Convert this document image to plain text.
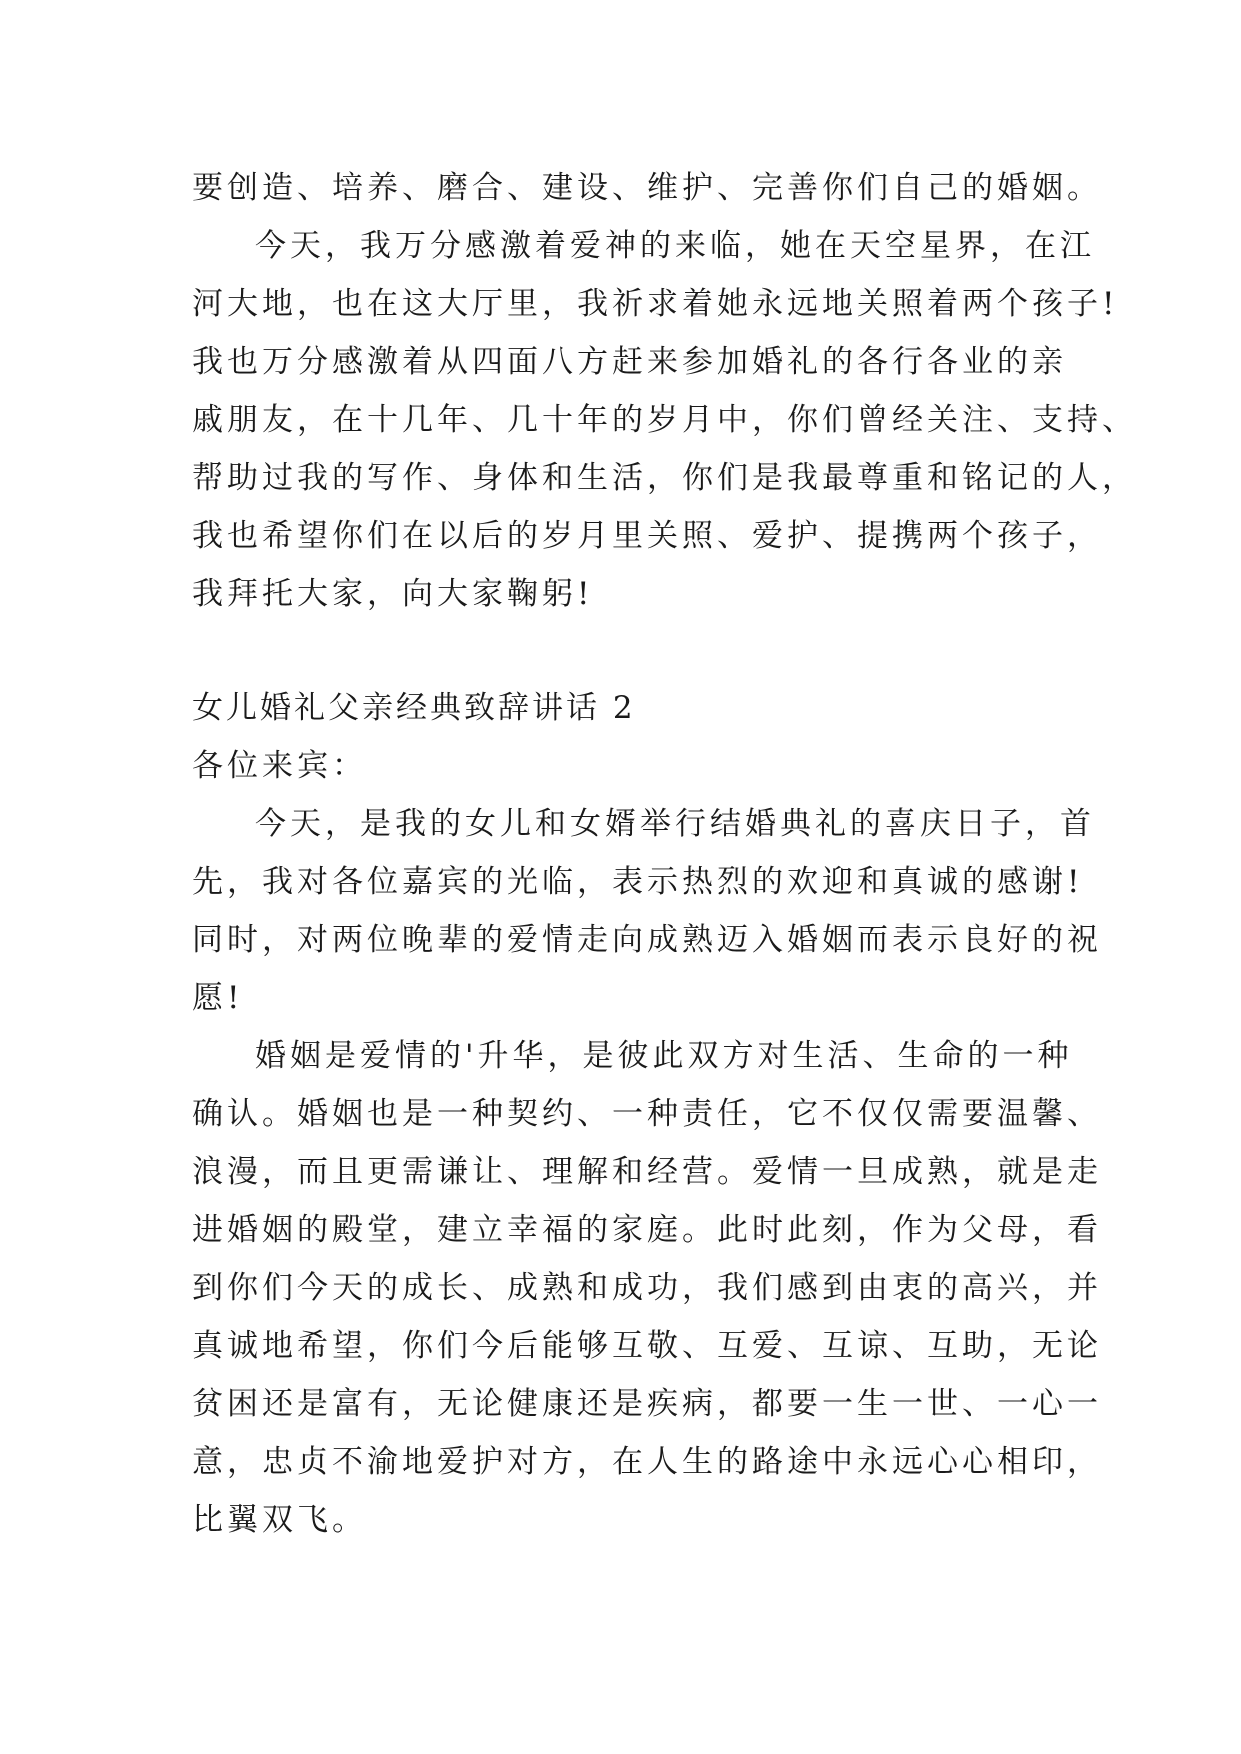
要创造、培养、磨合、建设、维护、完善你们自己的婚姻。
今天，我万分感激着爱神的来临，她在天空星界，在江
河大地，也在这大厅里，我祈求着她永远地关照着两个孩子!
我也万分感激着从四面八方赶来参加婚礼的各行各业的亲
戚朋友，在十几年、几十年的岁月中，你们曾经关注、支持、
帮助过我的写作、身体和生活，你们是我最尊重和铭记的人，
我也希望你们在以后的岁月里关照、爱护、提携两个孩子，
我拜托大家，向大家鞠躬!
女儿婚礼父亲经典致辞讲话 2
各位来宾：
今天，是我的女儿和女婿举行结婚典礼的喜庆日子，首
先，我对各位嘉宾的光临，表示热烈的欢迎和真诚的感谢!
同时，对两位晚辈的爱情走向成熟迈入婚姻而表示良好的祝
愿!
婚姻是爱情的'升华，是彼此双方对生活、生命的一种
确认。婚姻也是一种契约、一种责任，它不仅仅需要温馨、
浪漫，而且更需谦让、理解和经营。爱情一旦成熟，就是走
进婚姻的殿堂，建立幸福的家庭。此时此刻，作为父母，看
到你们今天的成长、成熟和成功，我们感到由衷的高兴，并
真诚地希望，你们今后能够互敬、互爱、互谅、互助，无论
贫困还是富有，无论健康还是疾病，都要一生一世、一心一
意，忠贞不渝地爱护对方，在人生的路途中永远心心相印，
比翼双飞。
